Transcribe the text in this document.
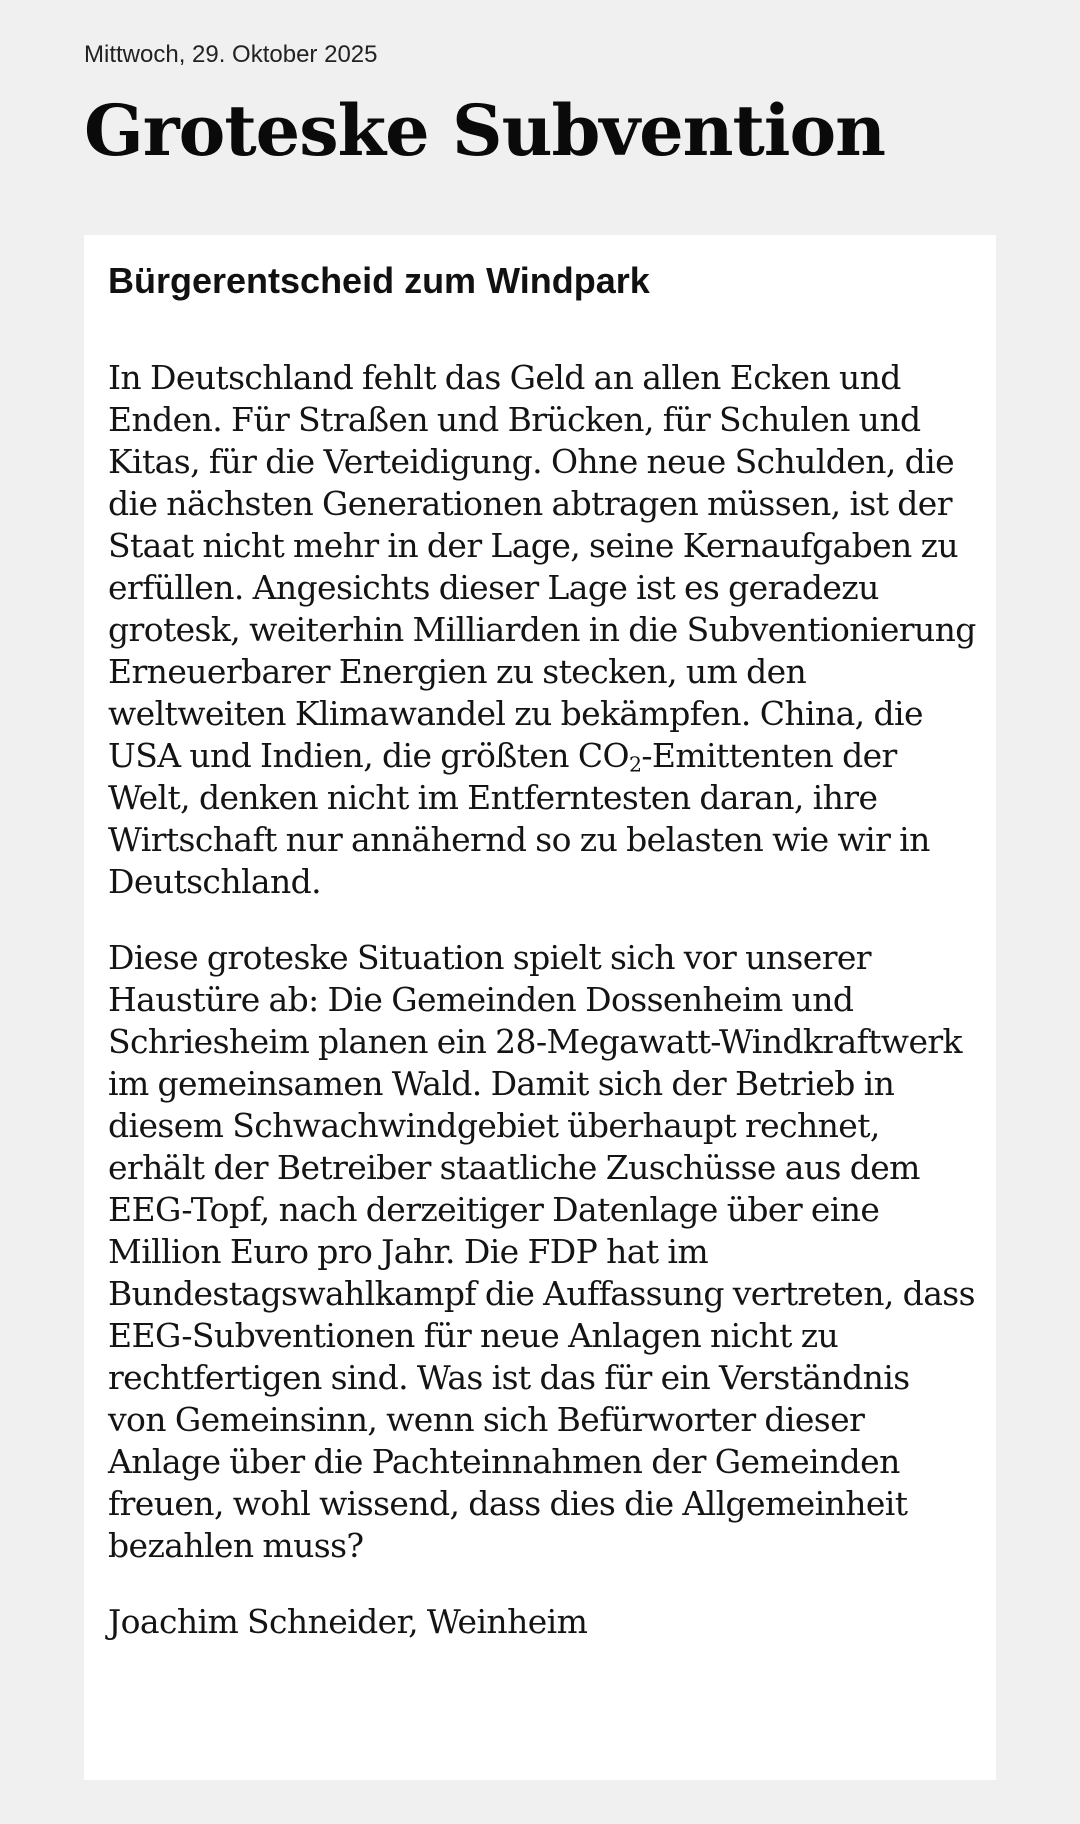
Mittwoch, 29. Oktober 2025
Groteske Subvention
Bürgerentscheid zum Windpark

In Deutschland fehlt das Geld an allen Ecken und Enden. Für Straßen und Brücken, für Schulen und Kitas, für die Verteidigung. Ohne neue Schulden, die die nächsten Generationen abtragen müssen, ist der Staat nicht mehr in der Lage, seine Kernaufgaben zu erfüllen. Angesichts dieser Lage ist es geradezu grotesk, weiterhin Milliarden in die Subventionierung Erneuerbarer Energien zu stecken, um den weltweiten Klimawandel zu bekämpfen. China, die USA und Indien, die größten $CO_2$-Emittenten der Welt, denken nicht im Entferntesten daran, ihre Wirtschaft nur annähernd so zu belasten wie wir in Deutschland.

Diese groteske Situation spielt sich vor unserer Haustüre ab: Die Gemeinden Dossenheim und Schriesheim planen ein 28-Megawatt-Windkraftwerk im gemeinsamen Wald. Damit sich der Betrieb in diesem Schwachwindgebiet überhaupt rechnet, erhält der Betreiber staatliche Zuschüsse aus dem EEG-Topf, nach derzeitiger Datenlage über eine Million Euro pro Jahr. Die FDP hat im Bundestagswahlkampf die Auffassung vertreten, dass EEG-Subventionen für neue Anlagen nicht zu rechtfertigen sind. Was ist das für ein Verständnis von Gemeinsinn, wenn sich Befürworter dieser Anlage über die Pachteinnahmen der Gemeinden freuen, wohl wissend, dass dies die Allgemeinheit bezahlen muss?

Joachim Schneider, Weinheim
